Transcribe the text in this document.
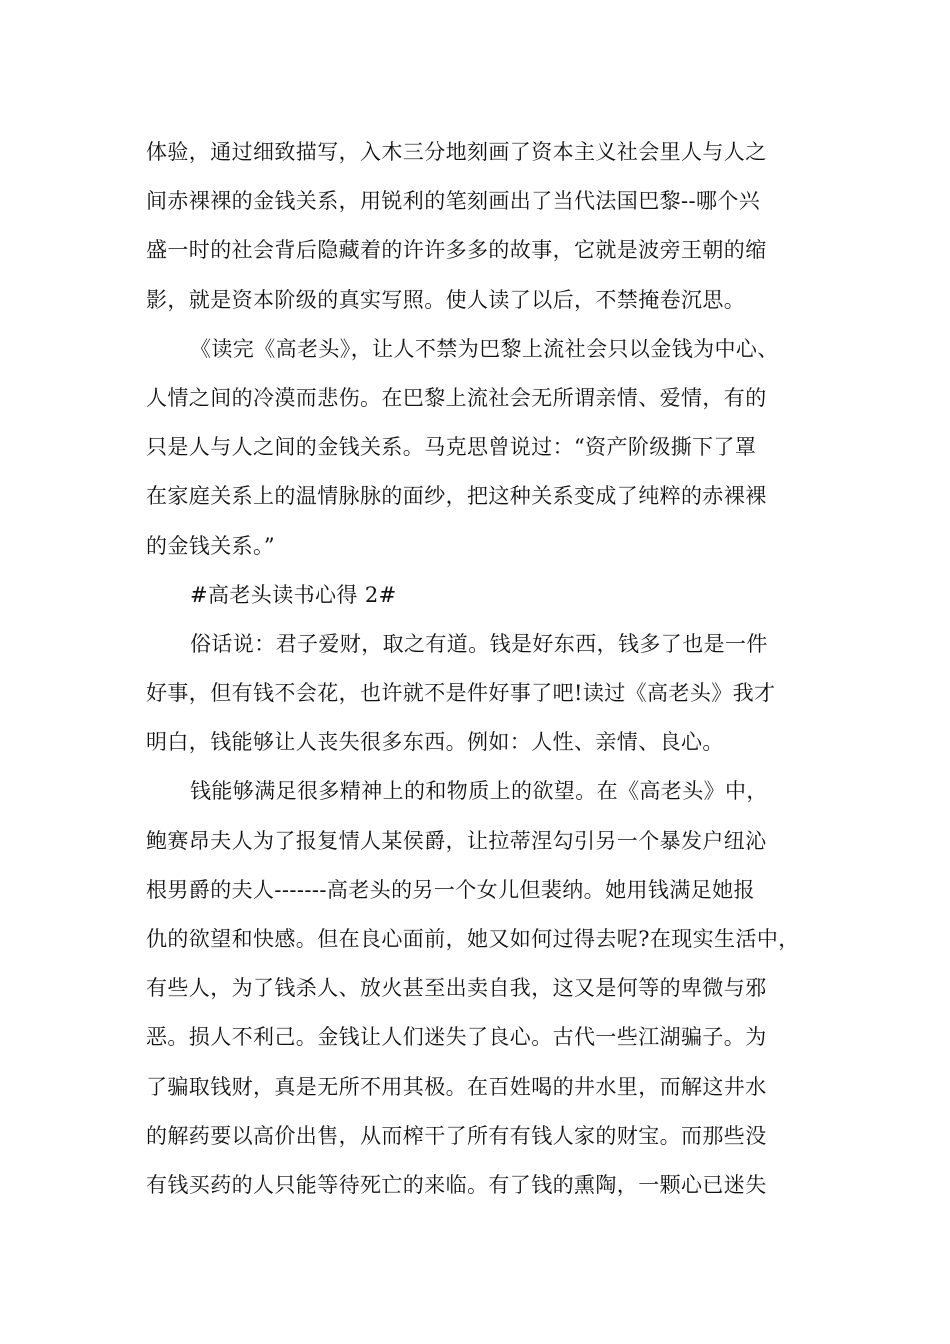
体验，通过细致描写，入木三分地刻画了资本主义社会里人与人之
间赤裸裸的金钱关系，用锐利的笔刻画出了当代法国巴黎--哪个兴
盛一时的社会背后隐藏着的许许多多的故事，它就是波旁王朝的缩
影，就是资本阶级的真实写照。使人读了以后，不禁掩卷沉思。
《读完《高老头》，让人不禁为巴黎上流社会只以金钱为中心、
人情之间的冷漠而悲伤。在巴黎上流社会无所谓亲情、爱情，有的
只是人与人之间的金钱关系。马克思曾说过：“资产阶级撕下了罩
在家庭关系上的温情脉脉的面纱，把这种关系变成了纯粹的赤裸裸
的金钱关系。”
#高老头读书心得 2#
俗话说：君子爱财，取之有道。钱是好东西，钱多了也是一件
好事，但有钱不会花，也许就不是件好事了吧!读过《高老头》我才
明白，钱能够让人丧失很多东西。例如：人性、亲情、良心。
钱能够满足很多精神上的和物质上的欲望。在《高老头》中，
鲍赛昂夫人为了报复情人某侯爵，让拉蒂涅勾引另一个暴发户纽沁
根男爵的夫人-------高老头的另一个女儿但裴纳。她用钱满足她报
仇的欲望和快感。但在良心面前，她又如何过得去呢?在现实生活中，
有些人，为了钱杀人、放火甚至出卖自我，这又是何等的卑微与邪
恶。损人不利己。金钱让人们迷失了良心。古代一些江湖骗子。为
了骗取钱财，真是无所不用其极。在百姓喝的井水里，而解这井水
的解药要以高价出售，从而榨干了所有有钱人家的财宝。而那些没
有钱买药的人只能等待死亡的来临。有了钱的熏陶，一颗心已迷失
